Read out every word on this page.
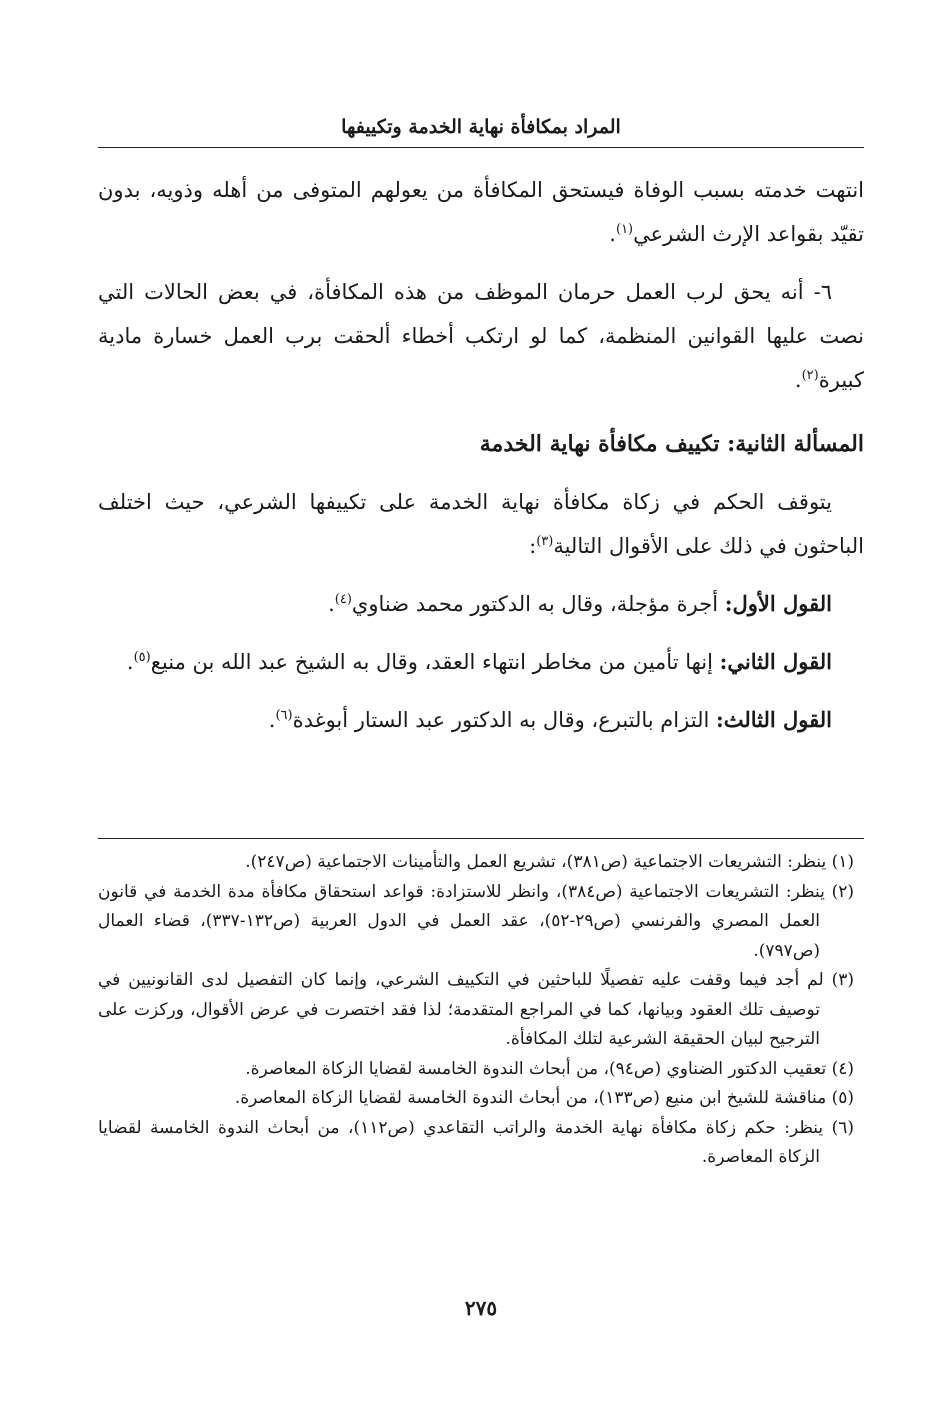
المراد بمكافأة نهاية الخدمة وتكييفها

انتهت خدمته بسبب الوفاة فيستحق المكافأة من يعولهم المتوفى من أهله وذويه، بدون تقيّد بقواعد الإرث الشرعي$^{(١)}$.

٦- أنه يحق لرب العمل حرمان الموظف من هذه المكافأة، في بعض الحالات التي نصت عليها القوانين المنظمة، كما لو ارتكب أخطاء ألحقت برب العمل خسارة مادية كبيرة$^{(٢)}$.

المسألة الثانية: تكييف مكافأة نهاية الخدمة

يتوقف الحكم في زكاة مكافأة نهاية الخدمة على تكييفها الشرعي، حيث اختلف الباحثون في ذلك على الأقوال التالية$^{(٣)}$:

القول الأول: أجرة مؤجلة، وقال به الدكتور محمد ضناوي$^{(٤)}$.

القول الثاني: إنها تأمين من مخاطر انتهاء العقد، وقال به الشيخ عبد الله بن منيع$^{(٥)}$.

القول الثالث: التزام بالتبرع، وقال به الدكتور عبد الستار أبوغدة$^{(٦)}$.

(١) ينظر: التشريعات الاجتماعية (ص٣٨١)، تشريع العمل والتأمينات الاجتماعية (ص٢٤٧).

(٢) ينظر: التشريعات الاجتماعية (ص٣٨٤)، وانظر للاستزادة: قواعد استحقاق مكافأة مدة الخدمة في قانون العمل المصري والفرنسي (ص٢٩-٥٢)، عقد العمل في الدول العربية (ص١٣٢-٣٣٧)، قضاء العمال (ص٧٩٧).

(٣) لم أجد فيما وقفت عليه تفصيلًا للباحثين في التكييف الشرعي، وإنما كان التفصيل لدى القانونيين في توصيف تلك العقود وبيانها، كما في المراجع المتقدمة؛ لذا فقد اختصرت في عرض الأقوال، وركزت على الترجيح لبيان الحقيقة الشرعية لتلك المكافأة.

(٤) تعقيب الدكتور الضناوي (ص٩٤)، من أبحاث الندوة الخامسة لقضايا الزكاة المعاصرة.

(٥) مناقشة للشيخ ابن منيع (ص١٣٣)، من أبحاث الندوة الخامسة لقضايا الزكاة المعاصرة.

(٦) ينظر: حكم زكاة مكافأة نهاية الخدمة والراتب التقاعدي (ص١١٢)، من أبحاث الندوة الخامسة لقضايا الزكاة المعاصرة.

٢٧٥
